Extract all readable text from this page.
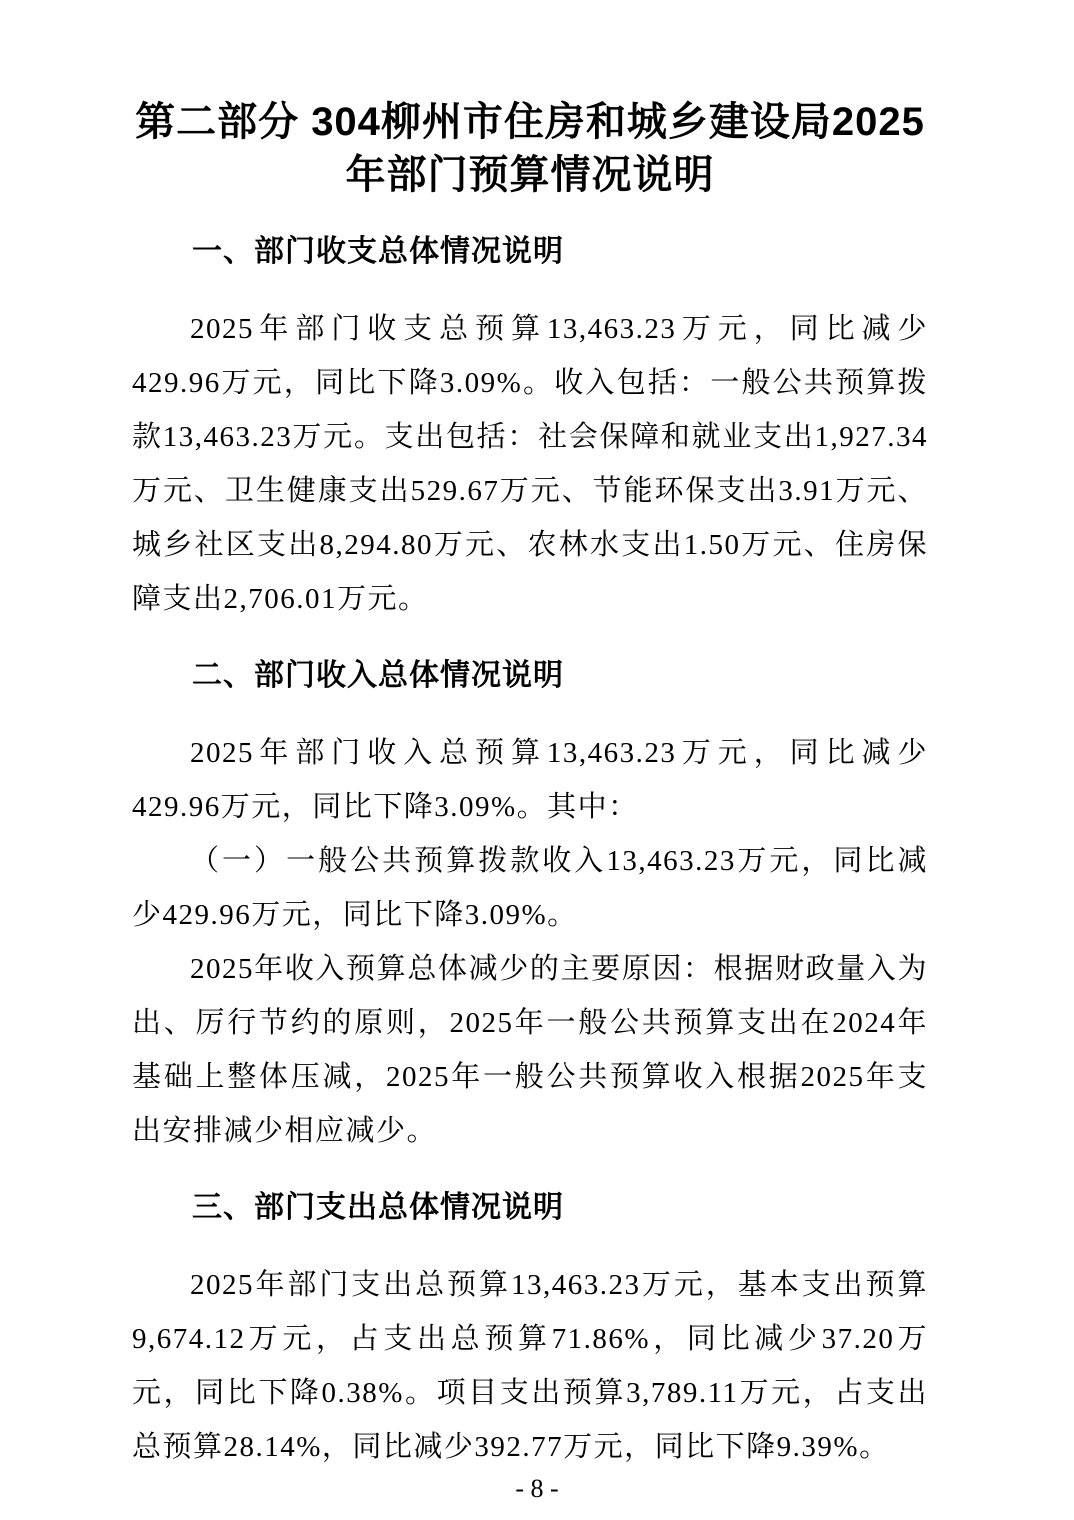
第二部分 304柳州市住房和城乡建设局2025
年部门预算情况说明
一、部门收支总体情况说明

2025年部门收支总预算13,463.23万元，同比减少429.96万元，同比下降3.09%。收入包括：一般公共预算拨款13,463.23万元。支出包括：社会保障和就业支出1,927.34万元、卫生健康支出529.67万元、节能环保支出3.91万元、城乡社区支出8,294.80万元、农林水支出1.50万元、住房保障支出2,706.01万元。

二、部门收入总体情况说明

2025年部门收入总预算13,463.23万元，同比减少429.96万元，同比下降3.09%。其中：

（一）一般公共预算拨款收入13,463.23万元，同比减少429.96万元，同比下降3.09%。

2025年收入预算总体减少的主要原因：根据财政量入为出、厉行节约的原则，2025年一般公共预算支出在2024年基础上整体压减，2025年一般公共预算收入根据2025年支出安排减少相应减少。

三、部门支出总体情况说明

2025年部门支出总预算13,463.23万元，基本支出预算9,674.12万元，占支出总预算71.86%，同比减少37.20万元，同比下降0.38%。项目支出预算3,789.11万元，占支出总预算28.14%，同比减少392.77万元，同比下降9.39%。

- 8 -
